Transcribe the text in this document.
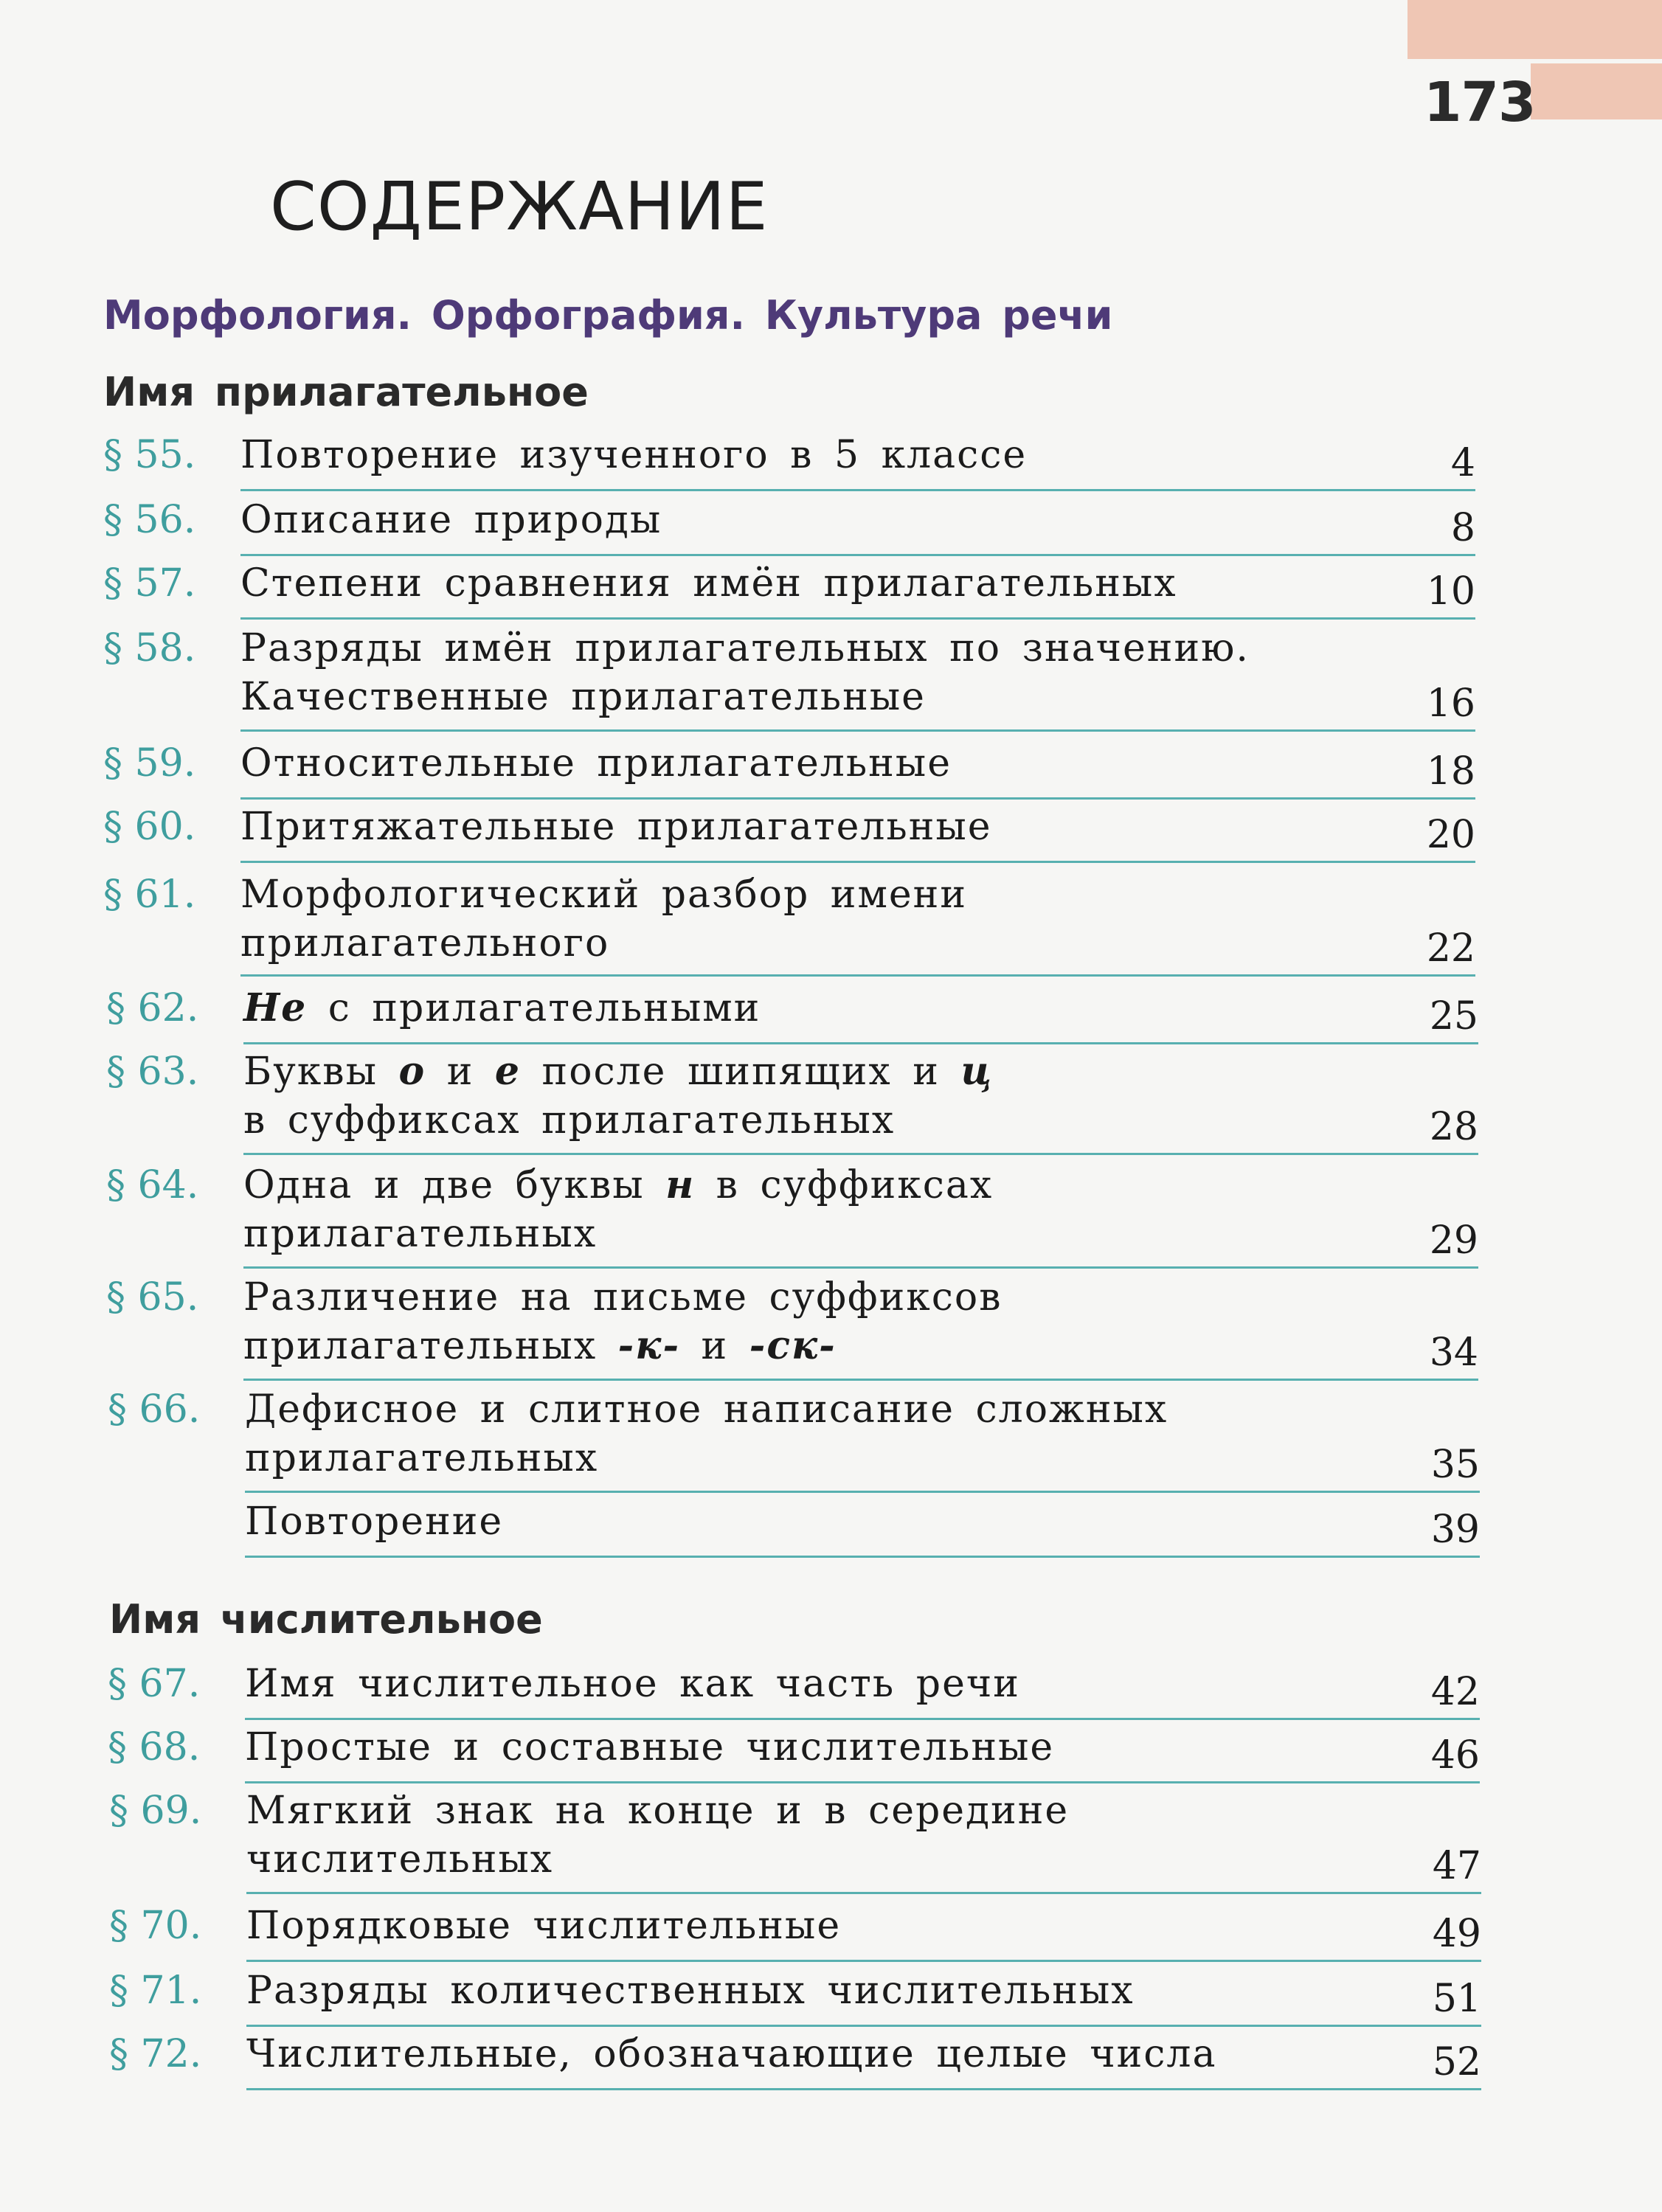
173
СОДЕРЖАНИЕ
Морфология. Орфография. Культура речи
Имя прилагательное
Имя числительное
§ 55. Повторение изученного в 5 классе	4
§ 56. Описание природы	8
§ 57. Степени сравнения имён прилагательных	10
§ 58. Разряды имён прилагательных по значению.
Качественные прилагательные	16
§ 59. Относительные прилагательные	18
§ 60. Притяжательные прилагательные	20
§ 61. Морфологический разбор имени
прилагательного	22
§ 62. Не с прилагательными	25
§ 63. Буквы о и е после шипящих и ц
в суффиксах прилагательных	28
§ 64. Одна и две буквы н в суффиксах
прилагательных	29
§ 65. Различение на письме суффиксов
прилагательных -к- и -ск-	34
§ 66. Дефисное и слитное написание сложных
прилагательных	35
Повторение	39
§ 67. Имя числительное как часть речи	42
§ 68. Простые и составные числительные	46
§ 69. Мягкий знак на конце и в середине
числительных	47
§ 70. Порядковые числительные	49
§ 71. Разряды количественных числительных	51
§ 72. Числительные, обозначающие целые числа	52
